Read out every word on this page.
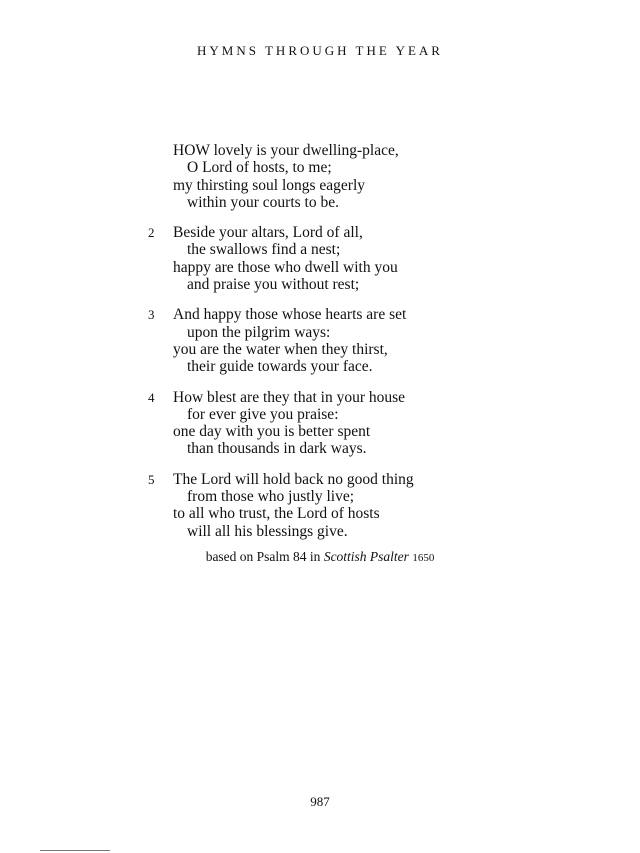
HYMNS THROUGH THE YEAR
HOW lovely is your dwelling-place,
O Lord of hosts, to me;
my thirsting soul longs eagerly
within your courts to be.
2	Beside your altars, Lord of all,
the swallows find a nest;
happy are those who dwell with you
and praise you without rest;
3	And happy those whose hearts are set
upon the pilgrim ways:
you are the water when they thirst,
their guide towards your face.
4	How blest are they that in your house
for ever give you praise:
one day with you is better spent
than thousands in dark ways.
5	The Lord will hold back no good thing
from those who justly live;
to all who trust, the Lord of hosts
will all his blessings give.
based on Psalm 84 in Scottish Psalter 1650
987
